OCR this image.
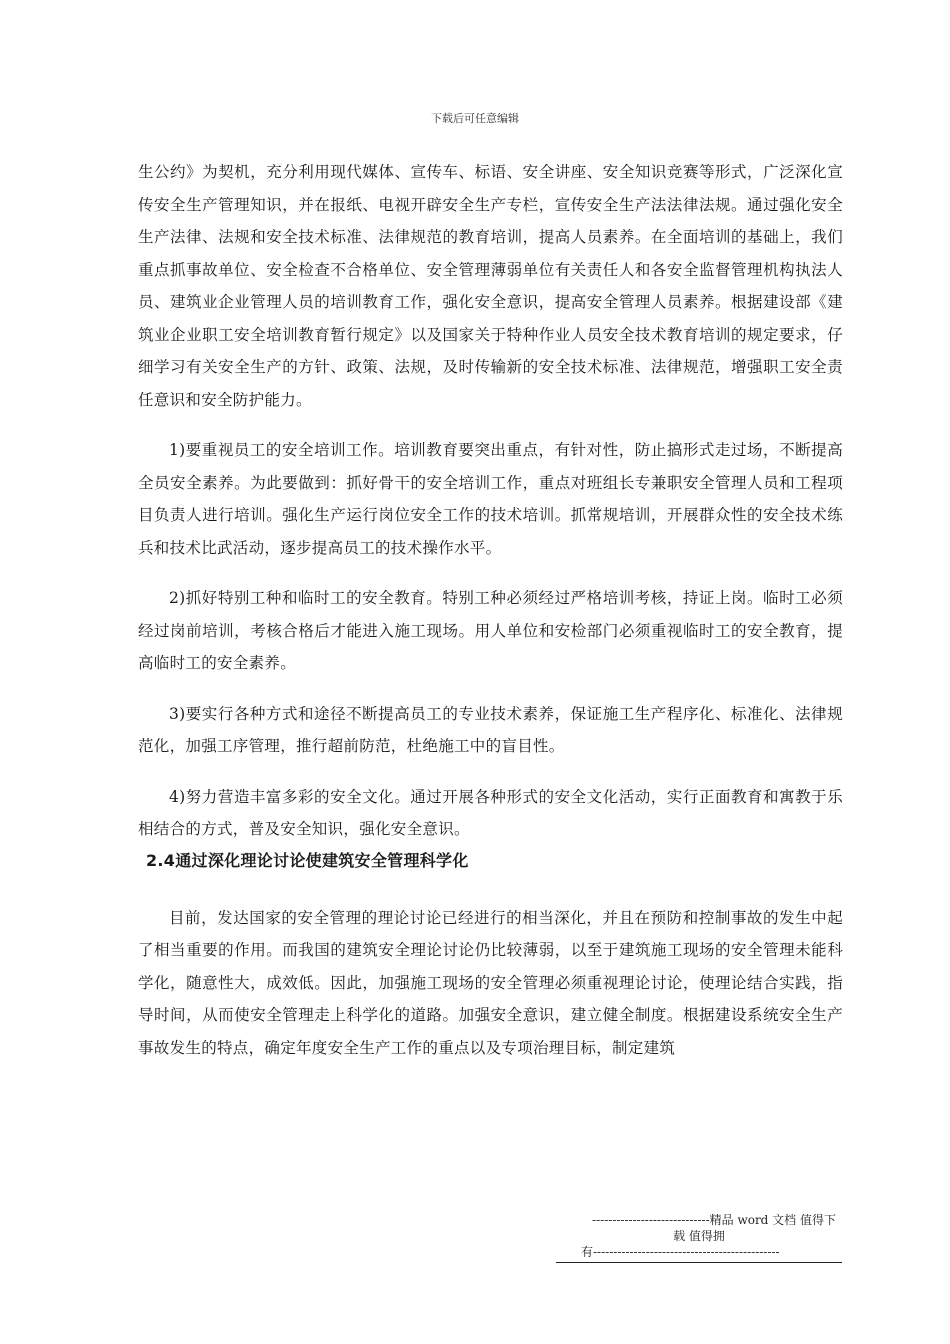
下载后可任意编辑

生公约》为契机，充分利用现代媒体、宣传车、标语、安全讲座、安全知识竞赛等形式，广泛深化宣传安全生产管理知识，并在报纸、电视开辟安全生产专栏，宣传安全生产法法律法规。通过强化安全生产法律、法规和安全技术标准、法律规范的教育培训，提高人员素养。在全面培训的基础上，我们重点抓事故单位、安全检查不合格单位、安全管理薄弱单位有关责任人和各安全监督管理机构执法人员、建筑业企业管理人员的培训教育工作，强化安全意识，提高安全管理人员素养。根据建设部《建筑业企业职工安全培训教育暂行规定》以及国家关于特种作业人员安全技术教育培训的规定要求，仔细学习有关安全生产的方针、政策、法规，及时传输新的安全技术标准、法律规范，增强职工安全责任意识和安全防护能力。

1)要重视员工的安全培训工作。培训教育要突出重点，有针对性，防止搞形式走过场，不断提高全员安全素养。为此要做到：抓好骨干的安全培训工作，重点对班组长专兼职安全管理人员和工程项目负责人进行培训。强化生产运行岗位安全工作的技术培训。抓常规培训，开展群众性的安全技术练兵和技术比武活动，逐步提高员工的技术操作水平。

2)抓好特别工种和临时工的安全教育。特别工种必须经过严格培训考核，持证上岗。临时工必须经过岗前培训，考核合格后才能进入施工现场。用人单位和安检部门必须重视临时工的安全教育，提高临时工的安全素养。

3)要实行各种方式和途径不断提高员工的专业技术素养，保证施工生产程序化、标准化、法律规范化，加强工序管理，推行超前防范，杜绝施工中的盲目性。

4)努力营造丰富多彩的安全文化。通过开展各种形式的安全文化活动，实行正面教育和寓教于乐相结合的方式，普及安全知识，强化安全意识。

2.4通过深化理论讨论使建筑安全管理科学化

目前，发达国家的安全管理的理论讨论已经进行的相当深化，并且在预防和控制事故的发生中起了相当重要的作用。而我国的建筑安全理论讨论仍比较薄弱，以至于建筑施工现场的安全管理未能科学化，随意性大，成效低。因此，加强施工现场的安全管理必须重视理论讨论，使理论结合实践，指导时间，从而使安全管理走上科学化的道路。加强安全意识，建立健全制度。根据建设系统安全生产事故发生的特点，确定年度安全生产工作的重点以及专项治理目标，制定建筑

-----------------------------精品 word 文档 值得下
载 值得拥
有----------------------------------------------
